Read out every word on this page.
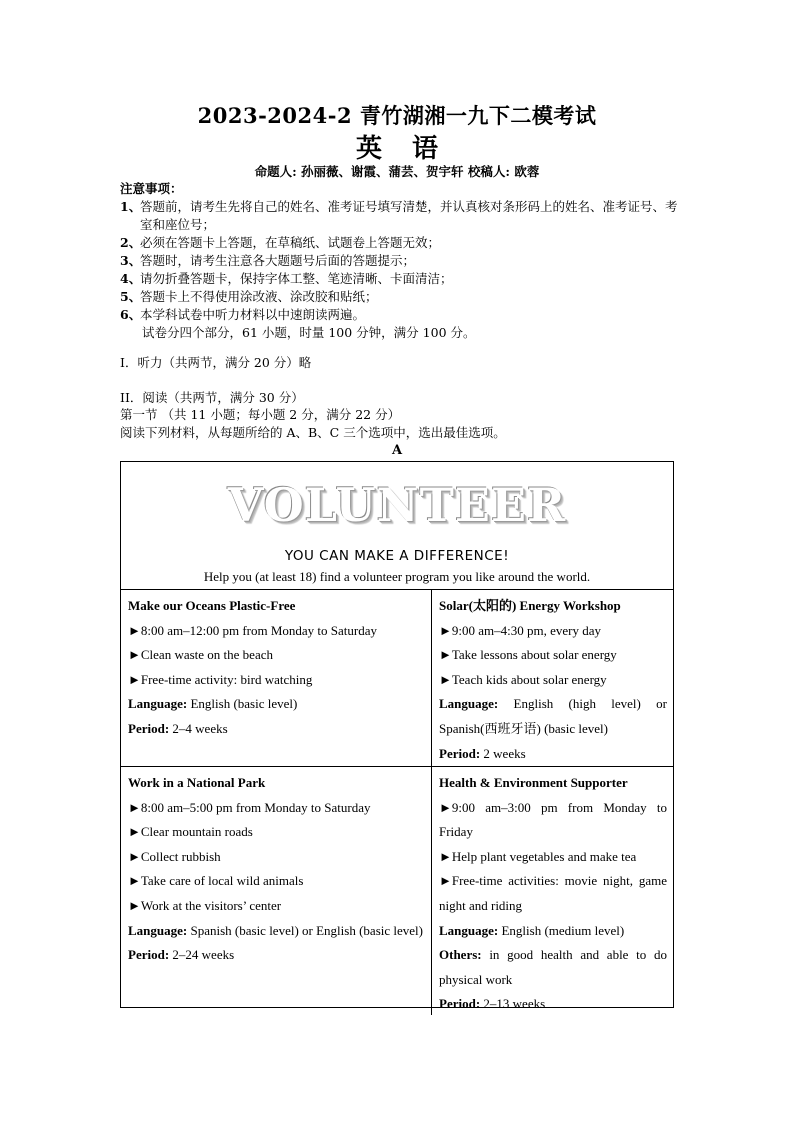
2023-2024-2 青竹湖湘一九下二模考试
英语
命题人: 孙丽薇、谢霞、蒲芸、贺宇轩 校稿人: 欧蓉
注意事项：
1、
答题前，请考生先将自己的姓名、准考证号填写清楚，并认真核对条形码上的姓名、准考证号、考室和座位号；
2、
必须在答题卡上答题，在草稿纸、试题卷上答题无效；
3、
答题时，请考生注意各大题题号后面的答题提示；
4、
请勿折叠答题卡，保持字体工整、笔迹清晰、卡面清洁；
5、
答题卡上不得使用涂改液、涂改胶和贴纸；
6、
本学科试卷中听力材料以中速朗读两遍。
试卷分四个部分，61 小题，时量 100 分钟，满分 100 分。
I．听力（共两节，满分 20 分）略
II．阅读（共两节，满分 30 分）
第一节 （共 11 小题；每小题 2 分，满分 22 分）
阅读下列材料，从每题所给的 A、B、C 三个选项中，选出最佳选项。
A
VOLUNTEER
YOU CAN MAKE A DIFFERENCE!
Help you (at least 18) find a volunteer program you like around the world.
Make our Oceans Plastic-Free
►8:00 am–12:00 pm from Monday to Saturday
►Clean waste on the beach
►Free-time activity: bird watching
Language: English (basic level)
Period: 2–4 weeks
Solar(太阳的) Energy Workshop
►9:00 am–4:30 pm, every day
►Take lessons about solar energy
►Teach kids about solar energy
Language: English (high level) or Spanish(西班牙语) (basic level)
Period: 2 weeks
Work in a National Park
►8:00 am–5:00 pm from Monday to Saturday
►Clear mountain roads
►Collect rubbish
►Take care of local wild animals
►Work at the visitors’ center
Language: Spanish (basic level) or English (basic level)
Period: 2–24 weeks
Health & Environment Supporter
►9:00 am–3:00 pm from Monday to Friday
►Help plant vegetables and make tea
►Free-time activities: movie night, game night and riding
Language: English (medium level)
Others: in good health and able to do physical work
Period: 2–13 weeks
